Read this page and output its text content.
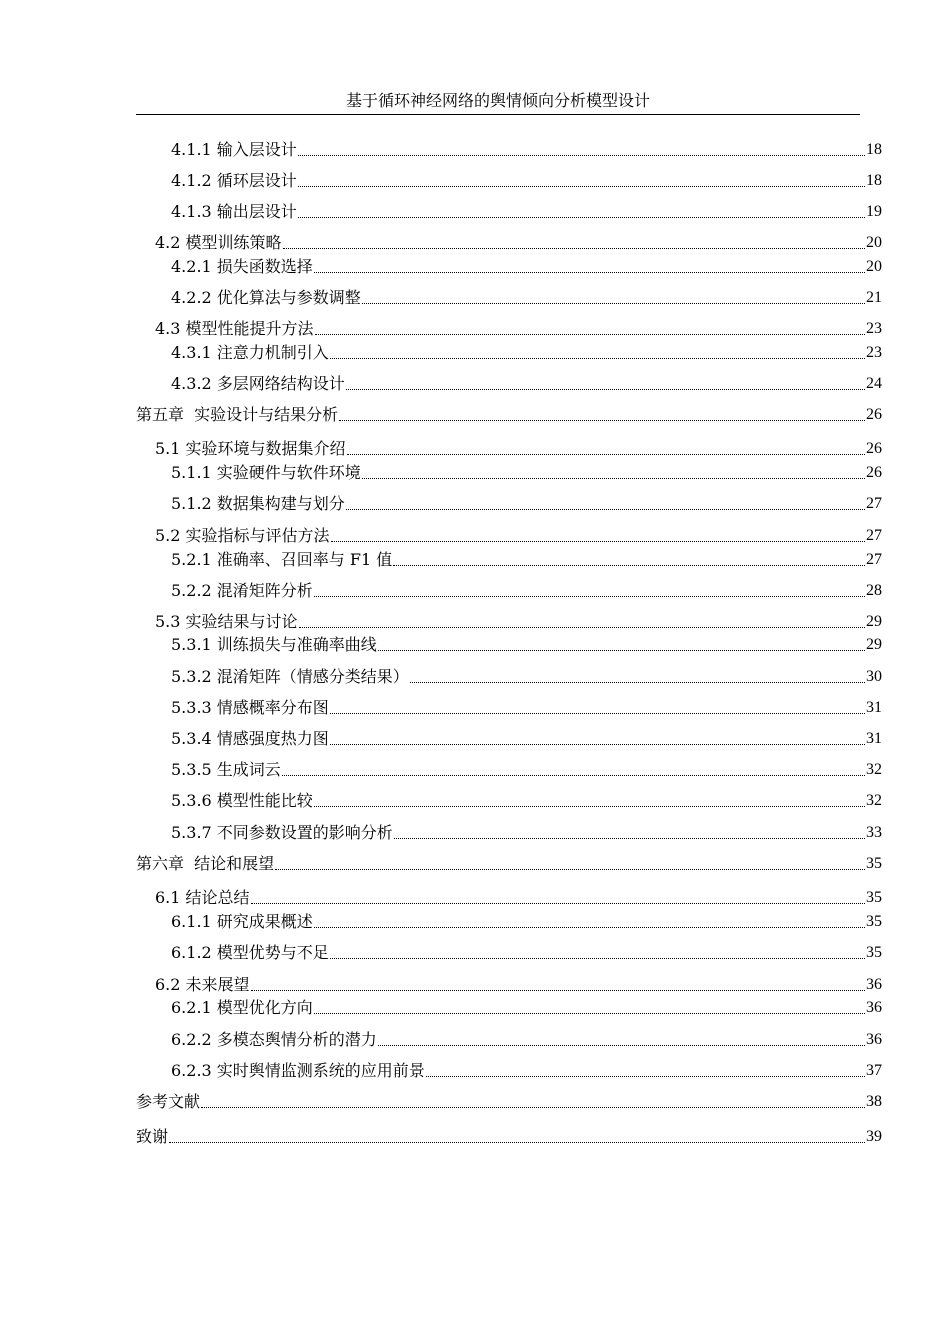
基于循环神经网络的舆情倾向分析模型设计
4.1.1 输入层设计	18
4.1.2 循环层设计	18
4.1.3 输出层设计	19
4.2 模型训练策略	20
4.2.1 损失函数选择	20
4.2.2 优化算法与参数调整	21
4.3 模型性能提升方法	23
4.3.1 注意力机制引入	23
4.3.2 多层网络结构设计	24
第五章  实验设计与结果分析	26
5.1 实验环境与数据集介绍	26
5.1.1 实验硬件与软件环境	26
5.1.2 数据集构建与划分	27
5.2 实验指标与评估方法	27
5.2.1 准确率、召回率与 F1 值	27
5.2.2 混淆矩阵分析	28
5.3 实验结果与讨论	29
5.3.1 训练损失与准确率曲线	29
5.3.2 混淆矩阵（情感分类结果）	30
5.3.3 情感概率分布图	31
5.3.4 情感强度热力图	31
5.3.5 生成词云	32
5.3.6 模型性能比较	32
5.3.7 不同参数设置的影响分析	33
第六章  结论和展望	35
6.1 结论总结	35
6.1.1 研究成果概述	35
6.1.2 模型优势与不足	35
6.2 未来展望	36
6.2.1 模型优化方向	36
6.2.2 多模态舆情分析的潜力	36
6.2.3 实时舆情监测系统的应用前景	37
参考文献	38
致谢	39
